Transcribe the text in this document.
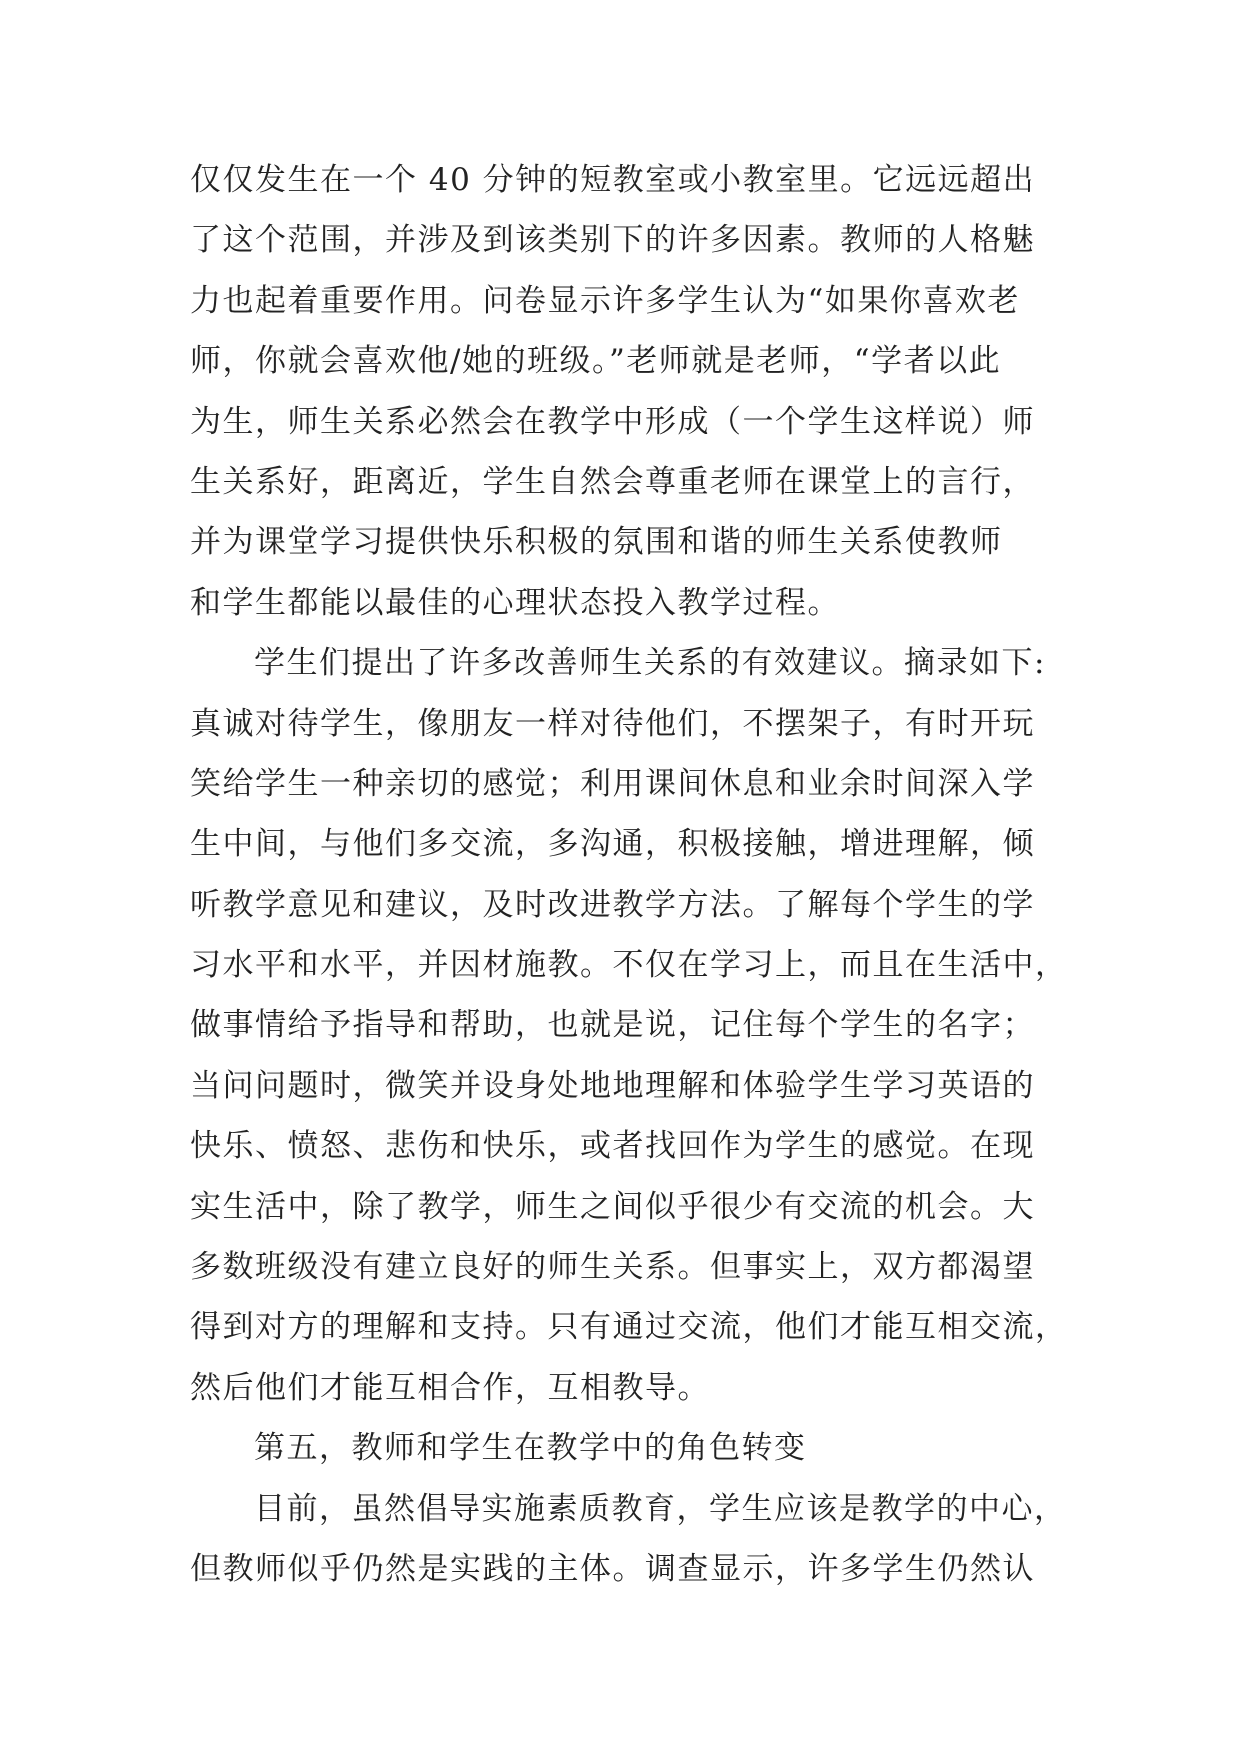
仅仅发生在一个 40 分钟的短教室或小教室里。它远远超出
了这个范围，并涉及到该类别下的许多因素。教师的人格魅
力也起着重要作用。问卷显示许多学生认为“如果你喜欢老
师，你就会喜欢他/她的班级。”老师就是老师，“学者以此
为生，师生关系必然会在教学中形成（一个学生这样说）师
生关系好，距离近，学生自然会尊重老师在课堂上的言行，
并为课堂学习提供快乐积极的氛围和谐的师生关系使教师
和学生都能以最佳的心理状态投入教学过程。
学生们提出了许多改善师生关系的有效建议。摘录如下:
真诚对待学生，像朋友一样对待他们，不摆架子，有时开玩
笑给学生一种亲切的感觉；利用课间休息和业余时间深入学
生中间，与他们多交流，多沟通，积极接触，增进理解，倾
听教学意见和建议，及时改进教学方法。了解每个学生的学
习水平和水平，并因材施教。不仅在学习上，而且在生活中，
做事情给予指导和帮助，也就是说，记住每个学生的名字；
当问问题时，微笑并设身处地地理解和体验学生学习英语的
快乐、愤怒、悲伤和快乐，或者找回作为学生的感觉。在现
实生活中，除了教学，师生之间似乎很少有交流的机会。大
多数班级没有建立良好的师生关系。但事实上，双方都渴望
得到对方的理解和支持。只有通过交流，他们才能互相交流，
然后他们才能互相合作，互相教导。
第五，教师和学生在教学中的角色转变
目前，虽然倡导实施素质教育，学生应该是教学的中心，
但教师似乎仍然是实践的主体。调查显示，许多学生仍然认
